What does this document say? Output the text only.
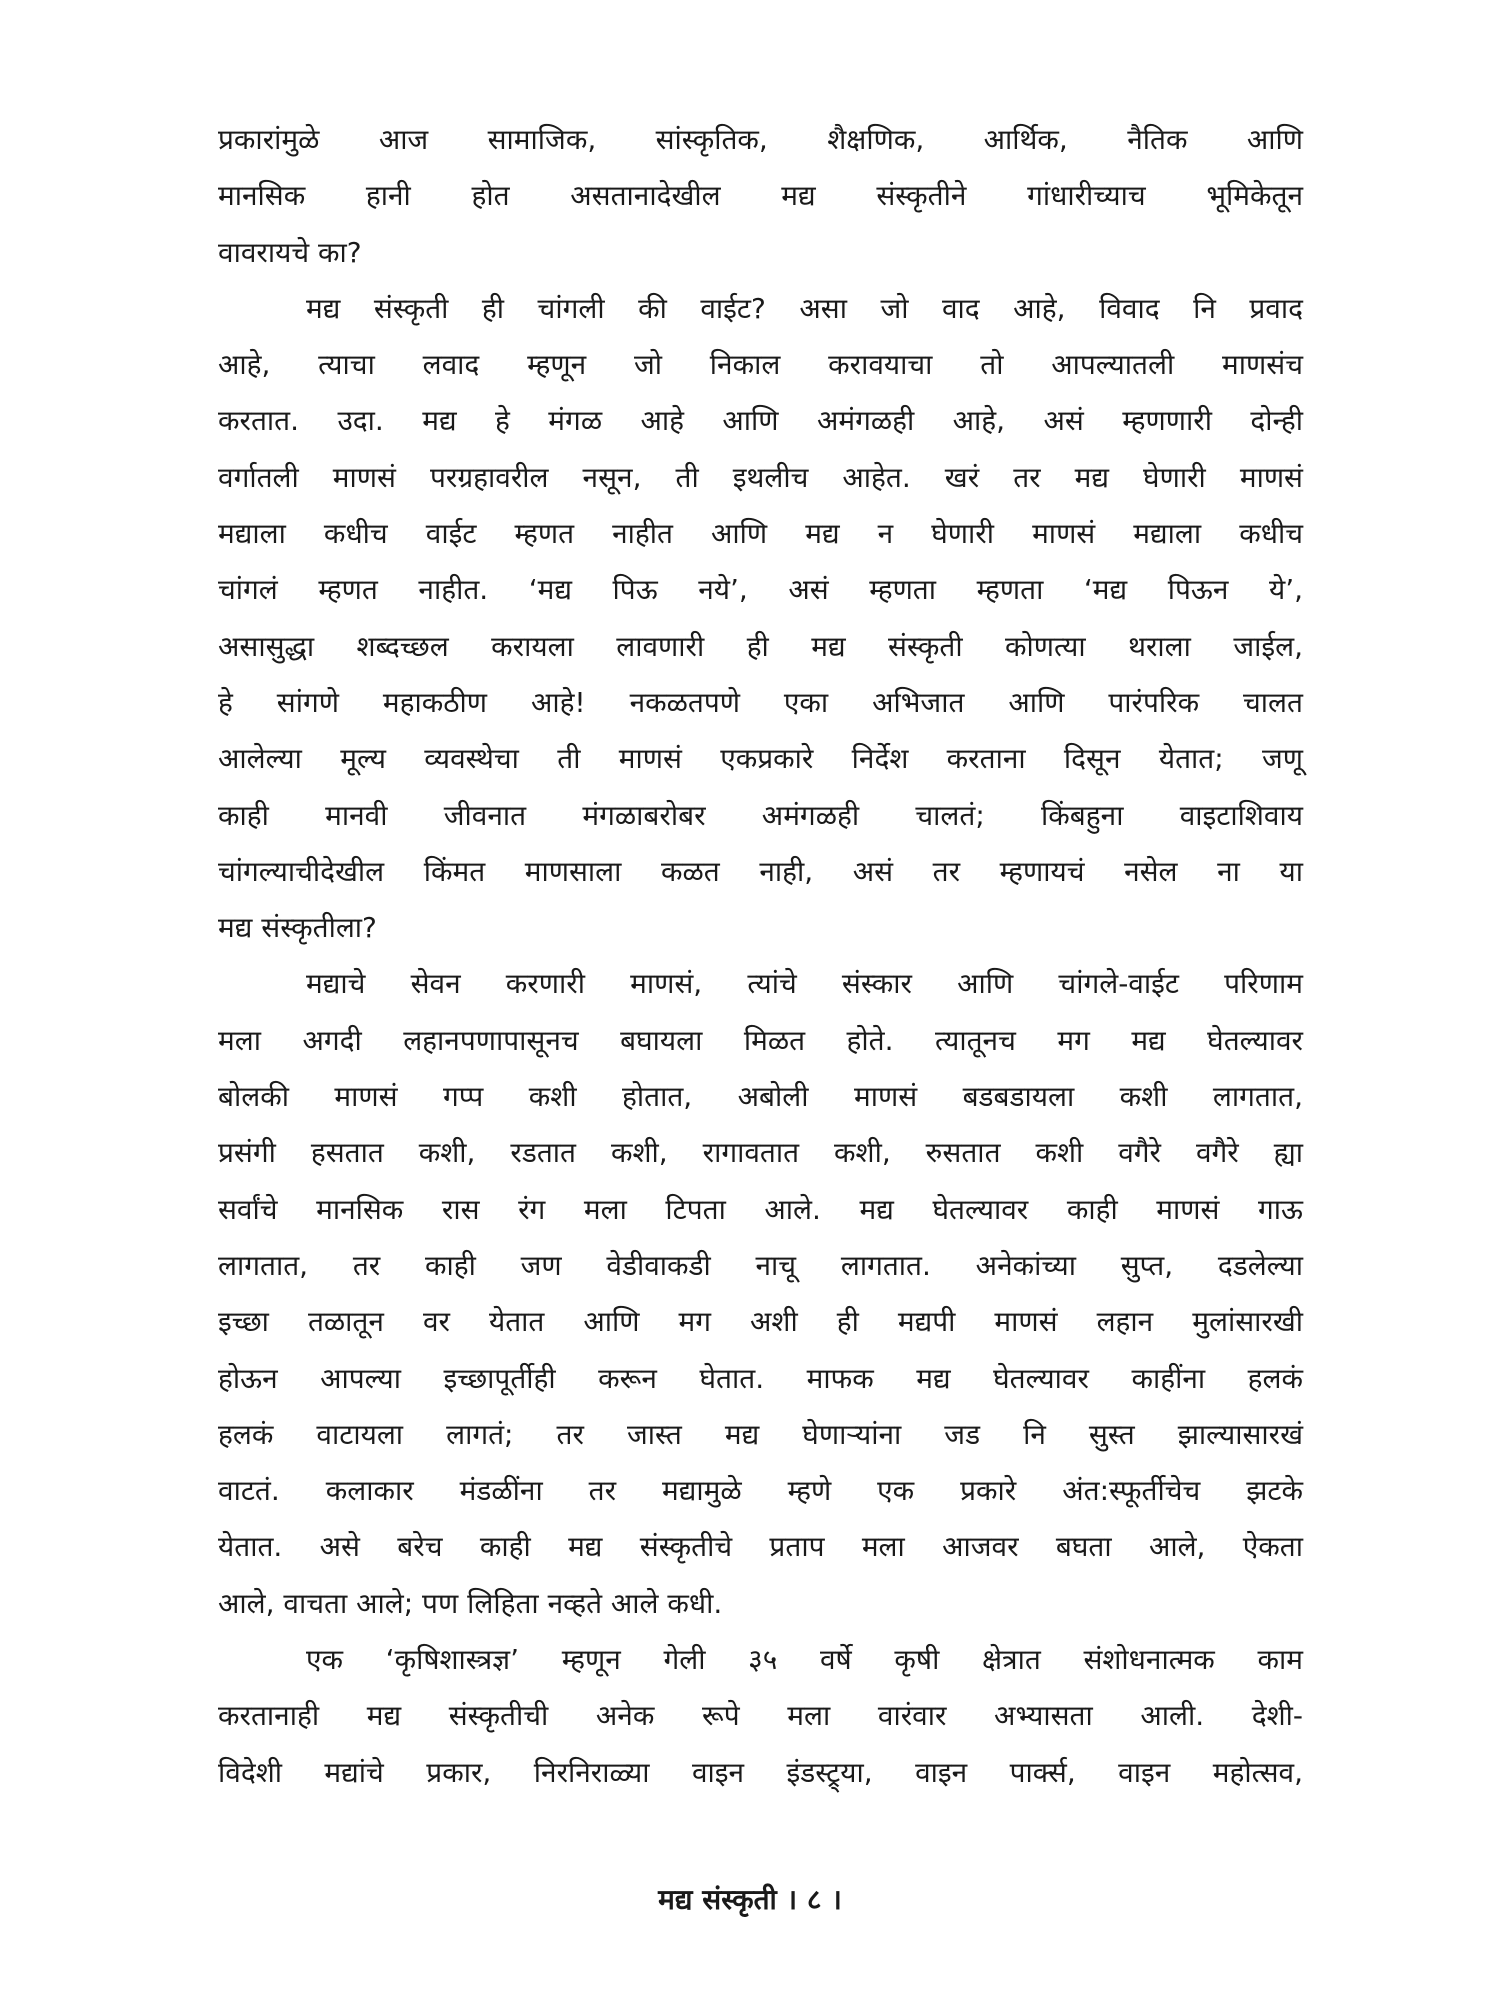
प्रकारांमुळे आज सामाजिक, सांस्कृतिक, शैक्षणिक, आर्थिक, नैतिक आणि
मानसिक हानी होत असतानादेखील मद्य संस्कृतीने गांधारीच्याच भूमिकेतून
वावरायचे का?
मद्य संस्कृती ही चांगली की वाईट? असा जो वाद आहे, विवाद नि प्रवाद
आहे, त्याचा लवाद म्हणून जो निकाल करावयाचा तो आपल्यातली माणसंच
करतात. उदा. मद्य हे मंगळ आहे आणि अमंगळही आहे, असं म्हणणारी दोन्ही
वर्गातली माणसं परग्रहावरील नसून, ती इथलीच आहेत. खरं तर मद्य घेणारी माणसं
मद्याला कधीच वाईट म्हणत नाहीत आणि मद्य न घेणारी माणसं मद्याला कधीच
चांगलं म्हणत नाहीत. ‘मद्य पिऊ नये’, असं म्हणता म्हणता ‘मद्य पिऊन ये’,
असासुद्धा शब्दच्छल करायला लावणारी ही मद्य संस्कृती कोणत्या थराला जाईल,
हे सांगणे महाकठीण आहे! नकळतपणे एका अभिजात आणि पारंपरिक चालत
आलेल्या मूल्य व्यवस्थेचा ती माणसं एकप्रकारे निर्देश करताना दिसून येतात; जणू
काही मानवी जीवनात मंगळाबरोबर अमंगळही चालतं; किंबहुना वाइटाशिवाय
चांगल्याचीदेखील किंमत माणसाला कळत नाही, असं तर म्हणायचं नसेल ना या
मद्य संस्कृतीला?
मद्याचे सेवन करणारी माणसं, त्यांचे संस्कार आणि चांगले-वाईट परिणाम
मला अगदी लहानपणापासूनच बघायला मिळत होते. त्यातूनच मग मद्य घेतल्यावर
बोलकी माणसं गप्प कशी होतात, अबोली माणसं बडबडायला कशी लागतात,
प्रसंगी हसतात कशी, रडतात कशी, रागावतात कशी, रुसतात कशी वगैरे वगैरे ह्या
सर्वांचे मानसिक रास रंग मला टिपता आले. मद्य घेतल्यावर काही माणसं गाऊ
लागतात, तर काही जण वेडीवाकडी नाचू लागतात. अनेकांच्या सुप्त, दडलेल्या
इच्छा तळातून वर येतात आणि मग अशी ही मद्यपी माणसं लहान मुलांसारखी
होऊन आपल्या इच्छापूर्तीही करून घेतात. माफक मद्य घेतल्यावर काहींना हलकं
हलकं वाटायला लागतं; तर जास्त मद्य घेणाऱ्यांना जड नि सुस्त झाल्यासारखं
वाटतं. कलाकार मंडळींना तर मद्यामुळे म्हणे एक प्रकारे अंत:स्फूर्तीचेच झटके
येतात. असे बरेच काही मद्य संस्कृतीचे प्रताप मला आजवर बघता आले, ऐकता
आले, वाचता आले; पण लिहिता नव्हते आले कधी.
एक ‘कृषिशास्त्रज्ञ’ म्हणून गेली ३५ वर्षे कृषी क्षेत्रात संशोधनात्मक काम
करतानाही मद्य संस्कृतीची अनेक रूपे मला वारंवार अभ्यासता आली. देशी-
विदेशी मद्यांचे प्रकार, निरनिराळ्या वाइन इंडस्ट्र्या, वाइन पार्क्स, वाइन महोत्सव,
मद्य संस्कृती । ८ ।
